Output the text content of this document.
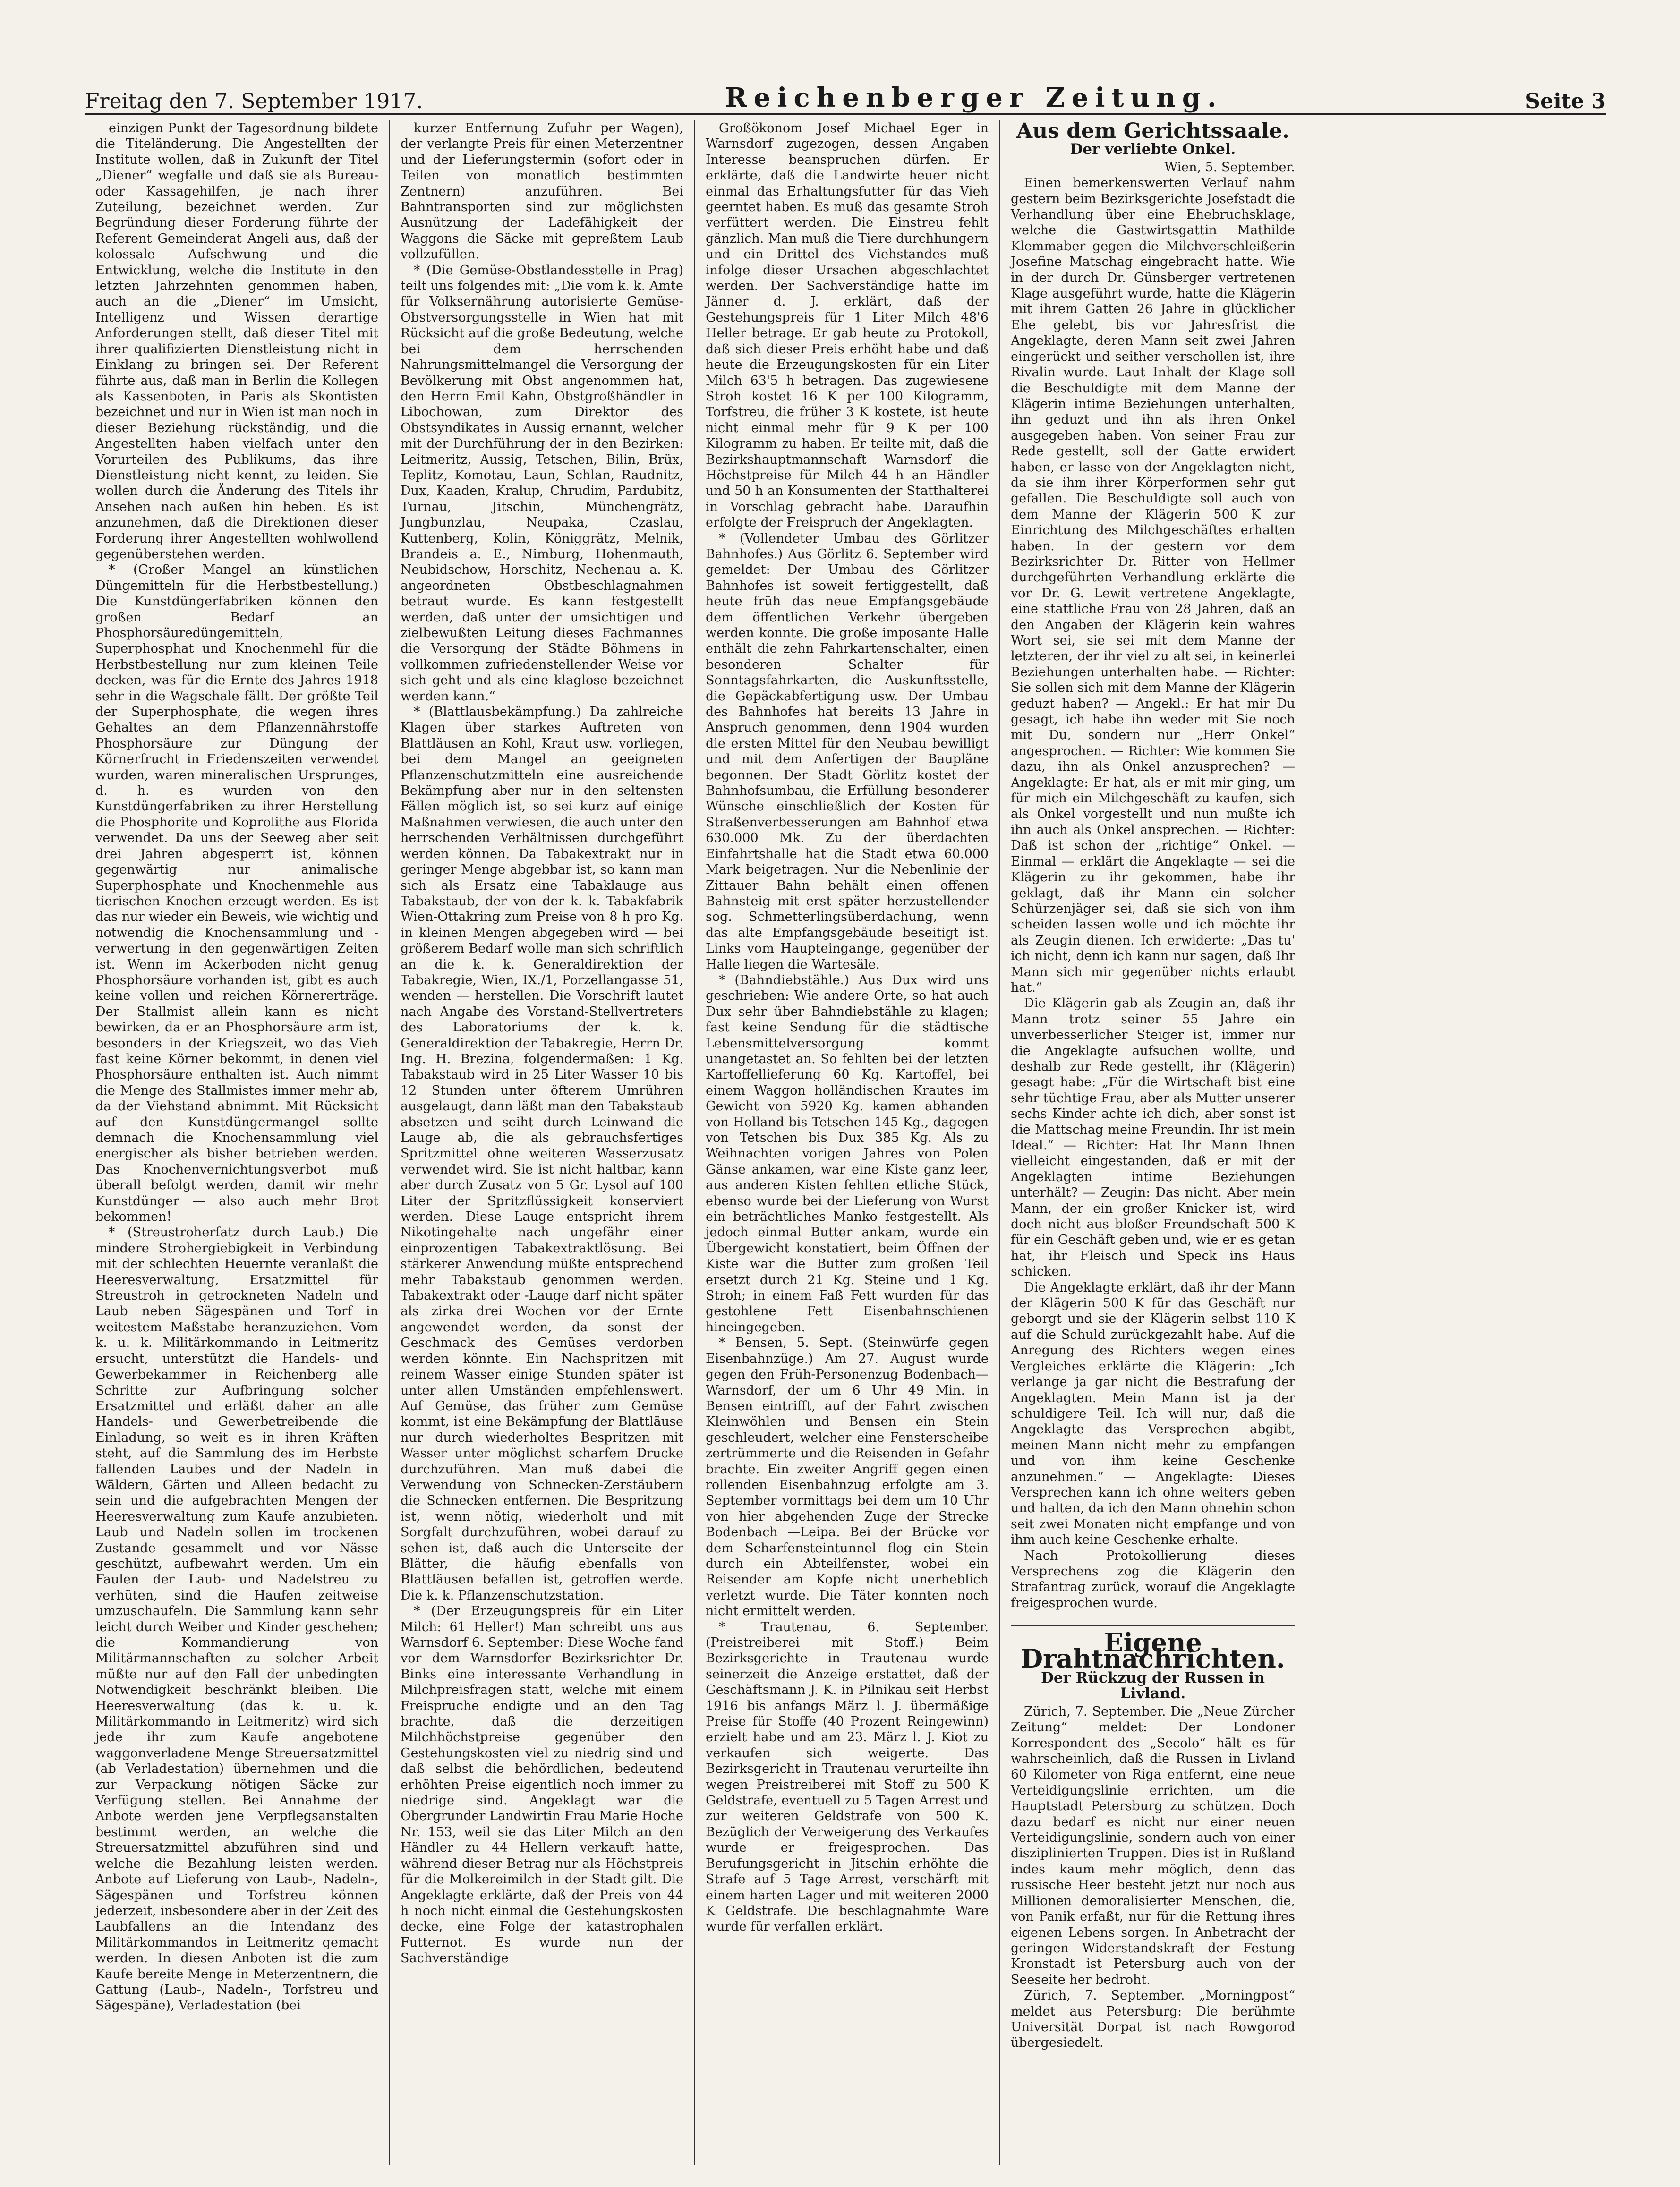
Freitag den 7. September 1917.	Reichenberger Zeitung.	Seite 3

einzigen Punkt der Tagesordnung bildete die Titeländerung. Die Angestellten der Institute wollen, daß in Zukunft der Titel „Diener“ wegfalle und daß sie als Bureau- oder Kassagehilfen, je nach ihrer Zuteilung, bezeichnet werden. Zur Begründung dieser Forderung führte der Referent Gemeinderat Angeli aus, daß der kolossale Aufschwung und die Entwicklung, welche die Institute in den letzten Jahrzehnten genommen haben, auch an die „Diener“ im Umsicht, Intelligenz und Wissen derartige Anforderungen stellt, daß dieser Titel mit ihrer qualifizierten Dienstleistung nicht in Einklang zu bringen sei. Der Referent führte aus, daß man in Berlin die Kollegen als Kassenboten, in Paris als Skontisten bezeichnet und nur in Wien ist man noch in dieser Beziehung rückständig, und die Angestellten haben vielfach unter den Vorurteilen des Publikums, das ihre Dienstleistung nicht kennt, zu leiden. Sie wollen durch die Änderung des Titels ihr Ansehen nach außen hin heben. Es ist anzunehmen, daß die Direktionen dieser Forderung ihrer Angestellten wohlwollend gegenüberstehen werden.

* (Großer Mangel an künstlichen Düngemitteln für die Herbstbestellung.) Die Kunstdüngerfabriken können den großen Bedarf an Phosphorsäuredüngemitteln, Superphosphat und Knochenmehl für die Herbstbestellung nur zum kleinen Teile decken, was für die Ernte des Jahres 1918 sehr in die Wagschale fällt. Der größte Teil der Superphosphate, die wegen ihres Gehaltes an dem Pflanzennährstoffe Phosphorsäure zur Düngung der Körnerfrucht in Friedenszeiten verwendet wurden, waren mineralischen Ursprunges, d. h. es wurden von den Kunstdüngerfabriken zu ihrer Herstellung die Phosphorite und Koprolithe aus Florida verwendet. Da uns der Seeweg aber seit drei Jahren abgesperrt ist, können gegenwärtig nur animalische Superphosphate und Knochenmehle aus tierischen Knochen erzeugt werden. Es ist das nur wieder ein Beweis, wie wichtig und notwendig die Knochensammlung und -verwertung in den gegenwärtigen Zeiten ist. Wenn im Ackerboden nicht genug Phosphorsäure vorhanden ist, gibt es auch keine vollen und reichen Körnererträge. Der Stallmist allein kann es nicht bewirken, da er an Phosphorsäure arm ist, besonders in der Kriegszeit, wo das Vieh fast keine Körner bekommt, in denen viel Phosphorsäure enthalten ist. Auch nimmt die Menge des Stallmistes immer mehr ab, da der Viehstand abnimmt. Mit Rücksicht auf den Kunstdüngermangel sollte demnach die Knochensammlung viel energischer als bisher betrieben werden. Das Knochenvernichtungsverbot muß überall befolgt werden, damit wir mehr Kunstdünger — also auch mehr Brot bekommen!

* (Streustroherſatz durch Laub.) Die mindere Strohergiebigkeit in Verbindung mit der schlechten Heuernte veranlaßt die Heeresverwaltung, Ersatzmittel für Streustroh in getrockneten Nadeln und Laub neben Sägespänen und Torf in weitestem Maßstabe heranzuziehen. Vom k. u. k. Militärkommando in Leitmeritz ersucht, unterstützt die Handels- und Gewerbekammer in Reichenberg alle Schritte zur Aufbringung solcher Ersatzmittel und erläßt daher an alle Handels- und Gewerbetreibende die Einladung, so weit es in ihren Kräften steht, auf die Sammlung des im Herbste fallenden Laubes und der Nadeln in Wäldern, Gärten und Alleen bedacht zu sein und die aufgebrachten Mengen der Heeresverwaltung zum Kaufe anzubieten. Laub und Nadeln sollen im trockenen Zustande gesammelt und vor Nässe geschützt, aufbewahrt werden. Um ein Faulen der Laub- und Nadelstreu zu verhüten, sind die Haufen zeitweise umzuschaufeln. Die Sammlung kann sehr leicht durch Weiber und Kinder geschehen; die Kommandierung von Militärmannschaften zu solcher Arbeit müßte nur auf den Fall der unbedingten Notwendigkeit beschränkt bleiben. Die Heeresverwaltung (das k. u. k. Militärkommando in Leitmeritz) wird sich jede ihr zum Kaufe angebotene waggonverladene Menge Streuersatzmittel (ab Verladestation) übernehmen und die zur Verpackung nötigen Säcke zur Verfügung stellen. Bei Annahme der Anbote werden jene Verpflegsanstalten bestimmt werden, an welche die Streuersatzmittel abzuführen sind und welche die Bezahlung leisten werden. Anbote auf Lieferung von Laub-, Nadeln-, Sägespänen und Torfstreu können jederzeit, insbesondere aber in der Zeit des Laubfallens an die Intendanz des Militärkommandos in Leitmeritz gemacht werden. In diesen Anboten ist die zum Kaufe bereite Menge in Meterzentnern, die Gattung (Laub-, Nadeln-, Torfstreu und Sägespäne), Verladestation (bei

kurzer Entfernung Zufuhr per Wagen), der verlangte Preis für einen Meterzentner und der Lieferungstermin (sofort oder in Teilen von monatlich bestimmten Zentnern) anzuführen. Bei Bahntransporten sind zur möglichsten Ausnützung der Ladefähigkeit der Waggons die Säcke mit gepreßtem Laub vollzufüllen.

* (Die Gemüse-Obstlandesstelle in Prag) teilt uns folgendes mit: „Die vom k. k. Amte für Volksernährung autorisierte Gemüse-Obstversorgungsstelle in Wien hat mit Rücksicht auf die große Bedeutung, welche bei dem herrschenden Nahrungsmittelmangel die Versorgung der Bevölkerung mit Obst angenommen hat, den Herrn Emil Kahn, Obstgroßhändler in Libochowan, zum Direktor des Obstsyndikates in Aussig ernannt, welcher mit der Durchführung der in den Bezirken: Leitmeritz, Aussig, Tetschen, Bilin, Brüx, Teplitz, Komotau, Laun, Schlan, Raudnitz, Dux, Kaaden, Kralup, Chrudim, Pardubitz, Turnau, Jitschin, Münchengrätz, Jungbunzlau, Neupaka, Czaslau, Kuttenberg, Kolin, Königgrätz, Melnik, Brandeis a. E., Nimburg, Hohenmauth, Neubidschow, Horschitz, Nechenau a. K. angeordneten Obstbeschlagnahmen betraut wurde. Es kann festgestellt werden, daß unter der umsichtigen und zielbewußten Leitung dieses Fachmannes die Versorgung der Städte Böhmens in vollkommen zufriedenstellender Weise vor sich geht und als eine klaglose bezeichnet werden kann.“

* (Blattlausbekämpfung.) Da zahlreiche Klagen über starkes Auftreten von Blattläusen an Kohl, Kraut usw. vorliegen, bei dem Mangel an geeigneten Pflanzenschutzmitteln eine ausreichende Bekämpfung aber nur in den seltensten Fällen möglich ist, so sei kurz auf einige Maßnahmen verwiesen, die auch unter den herrschenden Verhältnissen durchgeführt werden können. Da Tabakextrakt nur in geringer Menge abgebbar ist, so kann man sich als Ersatz eine Tabaklauge aus Tabakstaub, der von der k. k. Tabakfabrik Wien-Ottakring zum Preise von 8 h pro Kg. in kleinen Mengen abgegeben wird — bei größerem Bedarf wolle man sich schriftlich an die k. k. Generaldirektion der Tabakregie, Wien, IX./1, Porzellangasse 51, wenden — herstellen. Die Vorschrift lautet nach Angabe des Vorstand-Stellvertreters des Laboratoriums der k. k. Generaldirektion der Tabakregie, Herrn Dr. Ing. H. Brezina, folgendermaßen: 1 Kg. Tabakstaub wird in 25 Liter Wasser 10 bis 12 Stunden unter öfterem Umrühren ausgelaugt, dann läßt man den Tabakstaub absetzen und seiht durch Leinwand die Lauge ab, die als gebrauchsfertiges Spritzmittel ohne weiteren Wasserzusatz verwendet wird. Sie ist nicht haltbar, kann aber durch Zusatz von 5 Gr. Lysol auf 100 Liter der Spritzflüssigkeit konserviert werden. Diese Lauge entspricht ihrem Nikotingehalte nach ungefähr einer einprozentigen Tabakextraktlösung. Bei stärkerer Anwendung müßte entsprechend mehr Tabakstaub genommen werden. Tabakextrakt oder -Lauge darf nicht später als zirka drei Wochen vor der Ernte angewendet werden, da sonst der Geschmack des Gemüses verdorben werden könnte. Ein Nachspritzen mit reinem Wasser einige Stunden später ist unter allen Umständen empfehlenswert. Auf Gemüse, das früher zum Gemüse kommt, ist eine Bekämpfung der Blattläuse nur durch wiederholtes Bespritzen mit Wasser unter möglichst scharfem Drucke durchzuführen. Man muß dabei die Verwendung von Schnecken-Zerstäubern die Schnecken entfernen. Die Bespritzung ist, wenn nötig, wiederholt und mit Sorgfalt durchzuführen, wobei darauf zu sehen ist, daß auch die Unterseite der Blätter, die häufig ebenfalls von Blattläusen befallen ist, getroffen werde. Die k. k. Pflanzenschutzstation.

* (Der Erzeugungspreis für ein Liter Milch: 61 Heller!) Man schreibt uns aus Warnsdorf 6. September: Diese Woche fand vor dem Warnsdorfer Bezirksrichter Dr. Binks eine interessante Verhandlung in Milchpreisfragen statt, welche mit einem Freispruche endigte und an den Tag brachte, daß die derzeitigen Milchhöchstpreise gegenüber den Gestehungskosten viel zu niedrig sind und daß selbst die behördlichen, bedeutend erhöhten Preise eigentlich noch immer zu niedrige sind. Angeklagt war die Obergrunder Landwirtin Frau Marie Hoche Nr. 153, weil sie das Liter Milch an den Händler zu 44 Hellern verkauft hatte, während dieser Betrag nur als Höchstpreis für die Molkereimilch in der Stadt gilt. Die Angeklagte erklärte, daß der Preis von 44 h noch nicht einmal die Gestehungskosten decke, eine Folge der katastrophalen Futternot. Es wurde nun der Sachverständige

Großökonom Josef Michael Eger in Warnsdorf zugezogen, dessen Angaben Interesse beanspruchen dürfen. Er erklärte, daß die Landwirte heuer nicht einmal das Erhaltungsfutter für das Vieh geerntet haben. Es muß das gesamte Stroh verfüttert werden. Die Einstreu fehlt gänzlich. Man muß die Tiere durchhungern und ein Drittel des Viehstandes muß infolge dieser Ursachen abgeschlachtet werden. Der Sachverständige hatte im Jänner d. J. erklärt, daß der Gestehungspreis für 1 Liter Milch 48'6 Heller betrage. Er gab heute zu Protokoll, daß sich dieser Preis erhöht habe und daß heute die Erzeugungskosten für ein Liter Milch 63'5 h betragen. Das zugewiesene Stroh kostet 16 K per 100 Kilogramm, Torfstreu, die früher 3 K kostete, ist heute nicht einmal mehr für 9 K per 100 Kilogramm zu haben. Er teilte mit, daß die Bezirkshauptmannschaft Warnsdorf die Höchstpreise für Milch 44 h an Händler und 50 h an Konsumenten der Statthalterei in Vorschlag gebracht habe. Daraufhin erfolgte der Freispruch der Angeklagten.

* (Vollendeter Umbau des Görlitzer Bahnhofes.) Aus Görlitz 6. September wird gemeldet: Der Umbau des Görlitzer Bahnhofes ist soweit fertiggestellt, daß heute früh das neue Empfangsgebäude dem öffentlichen Verkehr übergeben werden konnte. Die große imposante Halle enthält die zehn Fahrkartenschalter, einen besonderen Schalter für Sonntagsfahrkarten, die Auskunftsstelle, die Gepäckabfertigung usw. Der Umbau des Bahnhofes hat bereits 13 Jahre in Anspruch genommen, denn 1904 wurden die ersten Mittel für den Neubau bewilligt und mit dem Anfertigen der Baupläne begonnen. Der Stadt Görlitz kostet der Bahnhofsumbau, die Erfüllung besonderer Wünsche einschließlich der Kosten für Straßenverbesserungen am Bahnhof etwa 630.000 Mk. Zu der überdachten Einfahrtshalle hat die Stadt etwa 60.000 Mark beigetragen. Nur die Nebenlinie der Zittauer Bahn behält einen offenen Bahnsteig mit erst später herzustellender sog. Schmetterlingsüberdachung, wenn das alte Empfangsgebäude beseitigt ist. Links vom Haupteingange, gegenüber der Halle liegen die Wartesäle.

* (Bahndiebstähle.) Aus Dux wird uns geschrieben: Wie andere Orte, so hat auch Dux sehr über Bahndiebstähle zu klagen; fast keine Sendung für die städtische Lebensmittelversorgung kommt unangetastet an. So fehlten bei der letzten Kartoffellieferung 60 Kg. Kartoffel, bei einem Waggon holländischen Krautes im Gewicht von 5920 Kg. kamen abhanden von Holland bis Tetschen 145 Kg., dagegen von Tetschen bis Dux 385 Kg. Als zu Weihnachten vorigen Jahres von Polen Gänse ankamen, war eine Kiste ganz leer, aus anderen Kisten fehlten etliche Stück, ebenso wurde bei der Lieferung von Wurst ein beträchtliches Manko festgestellt. Als jedoch einmal Butter ankam, wurde ein Übergewicht konstatiert, beim Öffnen der Kiste war die Butter zum großen Teil ersetzt durch 21 Kg. Steine und 1 Kg. Stroh; in einem Faß Fett wurden für das gestohlene Fett Eisenbahnschienen hineingegeben.

* Bensen, 5. Sept. (Steinwürfe gegen Eisenbahnzüge.) Am 27. August wurde gegen den Früh-Personenzug Bodenbach—Warnsdorf, der um 6 Uhr 49 Min. in Bensen eintrifft, auf der Fahrt zwischen Kleinwöhlen und Bensen ein Stein geschleudert, welcher eine Fensterscheibe zertrümmerte und die Reisenden in Gefahr brachte. Ein zweiter Angriff gegen einen rollenden Eisenbahnzug erfolgte am 3. September vormittags bei dem um 10 Uhr von hier abgehenden Zuge der Strecke Bodenbach —Leipa. Bei der Brücke vor dem Scharfensteintunnel flog ein Stein durch ein Abteilfenster, wobei ein Reisender am Kopfe nicht unerheblich verletzt wurde. Die Täter konnten noch nicht ermittelt werden.

* Trautenau, 6. September. (Preistreiberei mit Stoff.) Beim Bezirksgerichte in Trautenau wurde seinerzeit die Anzeige erstattet, daß der Geschäftsmann J. K. in Pilnikau seit Herbst 1916 bis anfangs März l. J. übermäßige Preise für Stoffe (40 Prozent Reingewinn) erzielt habe und am 23. März l. J. Kiot zu verkaufen sich weigerte. Das Bezirksgericht in Trautenau verurteilte ihn wegen Preistreiberei mit Stoff zu 500 K Geldstrafe, eventuell zu 5 Tagen Arrest und zur weiteren Geldstrafe von 500 K. Bezüglich der Verweigerung des Verkaufes wurde er freigesprochen. Das Berufungsgericht in Jitschin erhöhte die Strafe auf 5 Tage Arrest, verschärft mit einem harten Lager und mit weiteren 2000 K Geldstrafe. Die beschlagnahmte Ware wurde für verfallen erklärt.

Aus dem Gerichtssaale.
Der verliebte Onkel.

Wien, 5. September.

Einen bemerkenswerten Verlauf nahm gestern beim Bezirksgerichte Josefstadt die Verhandlung über eine Ehebruchsklage, welche die Gastwirtsgattin Mathilde Klemmaber gegen die Milchverschleißerin Josefine Matschag eingebracht hatte. Wie in der durch Dr. Günsberger vertretenen Klage ausgeführt wurde, hatte die Klägerin mit ihrem Gatten 26 Jahre in glücklicher Ehe gelebt, bis vor Jahresfrist die Angeklagte, deren Mann seit zwei Jahren eingerückt und seither verschollen ist, ihre Rivalin wurde. Laut Inhalt der Klage soll die Beschuldigte mit dem Manne der Klägerin intime Beziehungen unterhalten, ihn geduzt und ihn als ihren Onkel ausgegeben haben. Von seiner Frau zur Rede gestellt, soll der Gatte erwidert haben, er lasse von der Angeklagten nicht, da sie ihm ihrer Körperformen sehr gut gefallen. Die Beschuldigte soll auch von dem Manne der Klägerin 500 K zur Einrichtung des Milchgeschäftes erhalten haben. In der gestern vor dem Bezirksrichter Dr. Ritter von Hellmer durchgeführten Verhandlung erklärte die vor Dr. G. Lewit vertretene Angeklagte, eine stattliche Frau von 28 Jahren, daß an den Angaben der Klägerin kein wahres Wort sei, sie sei mit dem Manne der letzteren, der ihr viel zu alt sei, in keinerlei Beziehungen unterhalten habe. — Richter: Sie sollen sich mit dem Manne der Klägerin geduzt haben? — Angekl.: Er hat mir Du gesagt, ich habe ihn weder mit Sie noch mit Du, sondern nur „Herr Onkel“ angesprochen. — Richter: Wie kommen Sie dazu, ihn als Onkel anzusprechen? — Angeklagte: Er hat, als er mit mir ging, um für mich ein Milchgeschäft zu kaufen, sich als Onkel vorgestellt und nun mußte ich ihn auch als Onkel ansprechen. — Richter: Daß ist schon der „richtige“ Onkel. — Einmal — erklärt die Angeklagte — sei die Klägerin zu ihr gekommen, habe ihr geklagt, daß ihr Mann ein solcher Schürzenjäger sei, daß sie sich von ihm scheiden lassen wolle und ich möchte ihr als Zeugin dienen. Ich erwiderte: „Das tu' ich nicht, denn ich kann nur sagen, daß Ihr Mann sich mir gegenüber nichts erlaubt hat.“

Die Klägerin gab als Zeugin an, daß ihr Mann trotz seiner 55 Jahre ein unverbesserlicher Steiger ist, immer nur die Angeklagte aufsuchen wollte, und deshalb zur Rede gestellt, ihr (Klägerin) gesagt habe: „Für die Wirtschaft bist eine sehr tüchtige Frau, aber als Mutter unserer sechs Kinder achte ich dich, aber sonst ist die Mattschag meine Freundin. Ihr ist mein Ideal.“ — Richter: Hat Ihr Mann Ihnen vielleicht eingestanden, daß er mit der Angeklagten intime Beziehungen unterhält? — Zeugin: Das nicht. Aber mein Mann, der ein großer Knicker ist, wird doch nicht aus bloßer Freundschaft 500 K für ein Geschäft geben und, wie er es getan hat, ihr Fleisch und Speck ins Haus schicken.

Die Angeklagte erklärt, daß ihr der Mann der Klägerin 500 K für das Geschäft nur geborgt und sie der Klägerin selbst 110 K auf die Schuld zurückgezahlt habe. Auf die Anregung des Richters wegen eines Vergleiches erklärte die Klägerin: „Ich verlange ja gar nicht die Bestrafung der Angeklagten. Mein Mann ist ja der schuldigere Teil. Ich will nur, daß die Angeklagte das Versprechen abgibt, meinen Mann nicht mehr zu empfangen und von ihm keine Geschenke anzunehmen.“ — Angeklagte: Dieses Versprechen kann ich ohne weiters geben und halten, da ich den Mann ohnehin schon seit zwei Monaten nicht empfange und von ihm auch keine Geschenke erhalte.

Nach Protokollierung dieses Versprechens zog die Klägerin den Strafantrag zurück, worauf die Angeklagte freigesprochen wurde.

Eigene Drahtnachrichten.
Der Rückzug der Russen in Livland.

Zürich, 7. September. Die „Neue Zürcher Zeitung“ meldet: Der Londoner Korrespondent des „Secolo“ hält es für wahrscheinlich, daß die Russen in Livland 60 Kilometer von Riga entfernt, eine neue Verteidigungslinie errichten, um die Hauptstadt Petersburg zu schützen. Doch dazu bedarf es nicht nur einer neuen Verteidigungslinie, sondern auch von einer disziplinierten Truppen. Dies ist in Rußland indes kaum mehr möglich, denn das russische Heer besteht jetzt nur noch aus Millionen demoralisierter Menschen, die, von Panik erfaßt, nur für die Rettung ihres eigenen Lebens sorgen. In Anbetracht der geringen Widerstandskraft der Festung Kronstadt ist Petersburg auch von der Seeseite her bedroht.

Zürich, 7. September. „Morningpost“ meldet aus Petersburg: Die berühmte Universität Dorpat ist nach Rowgorod übergesiedelt.
